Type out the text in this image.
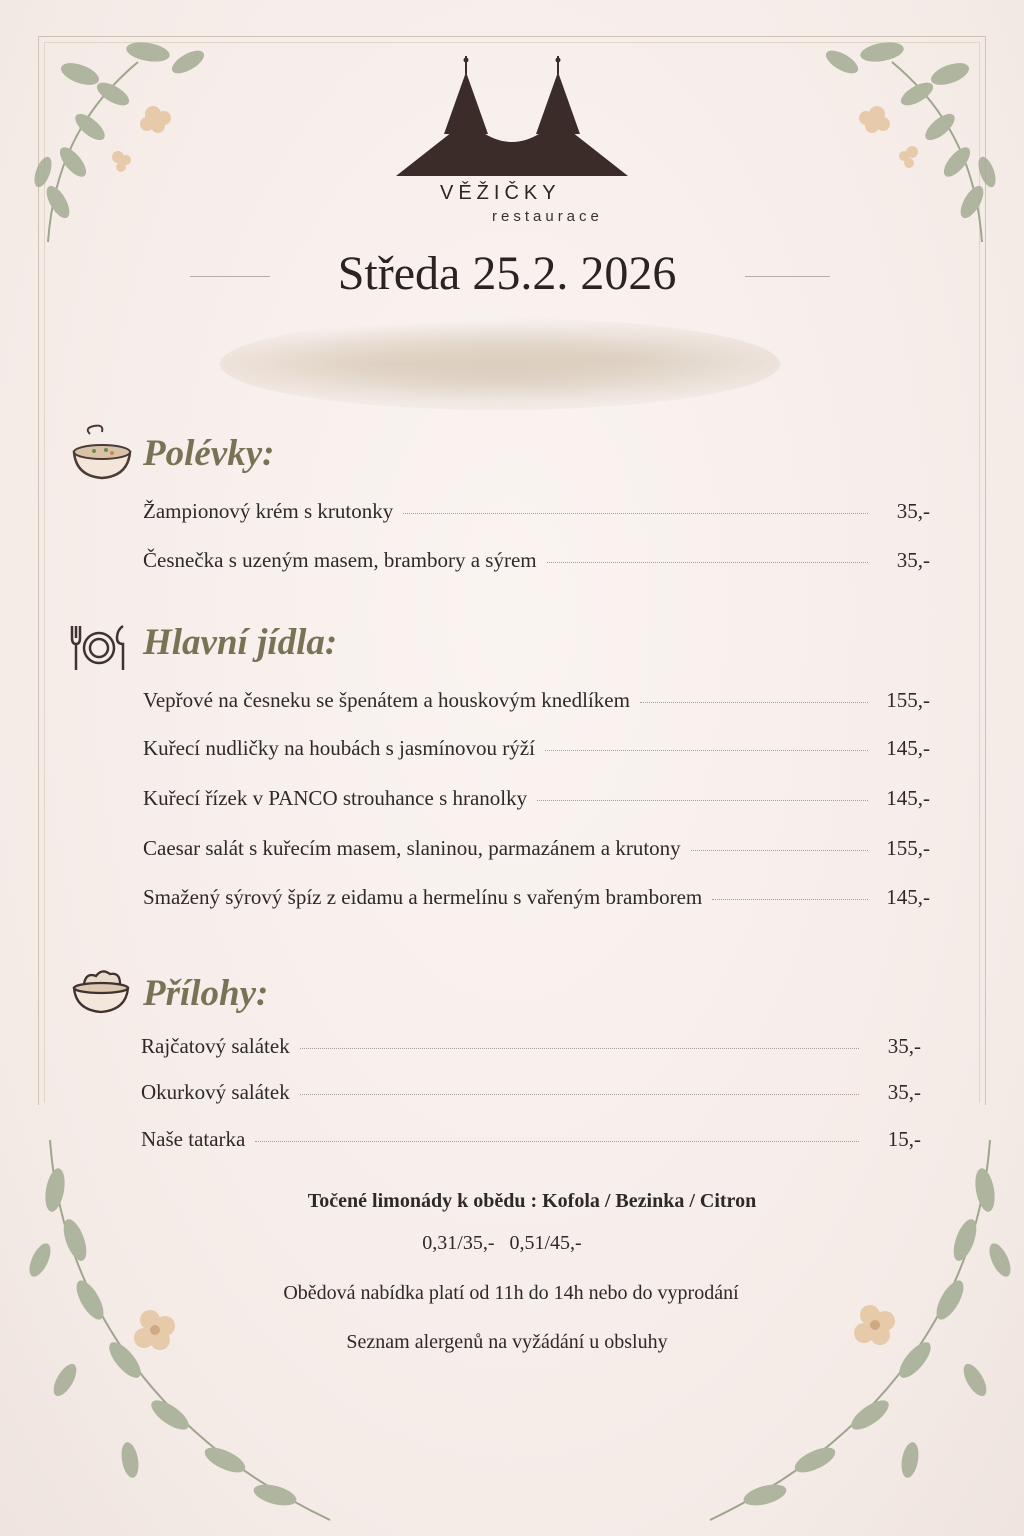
VĚŽIČKY
restaurace
Středa 25.2. 2026
Polévky:
Žampionový krém s krutonky	35,-
Česnečka s uzeným masem, brambory a sýrem	35,-
Hlavní jídla:
Vepřové na česneku se špenátem a houskovým knedlíkem	155,-
Kuřecí nudličky na houbách s jasmínovou rýží	145,-
Kuřecí řízek v PANCO strouhance s hranolky	145,-
Caesar salát s kuřecím masem, slaninou, parmazánem a krutony	155,-
Smažený sýrový špíz z eidamu a hermelínu s vařeným bramborem	145,-
Přílohy:
Rajčatový salátek	35,-
Okurkový salátek	35,-
Naše tatarka	15,-
Točené limonády k obědu : Kofola / Bezinka / Citron
0,31/35,-   0,51/45,-
Obědová nabídka platí od 11h do 14h nebo do vyprodání
Seznam alergenů na vyžádání u obsluhy
